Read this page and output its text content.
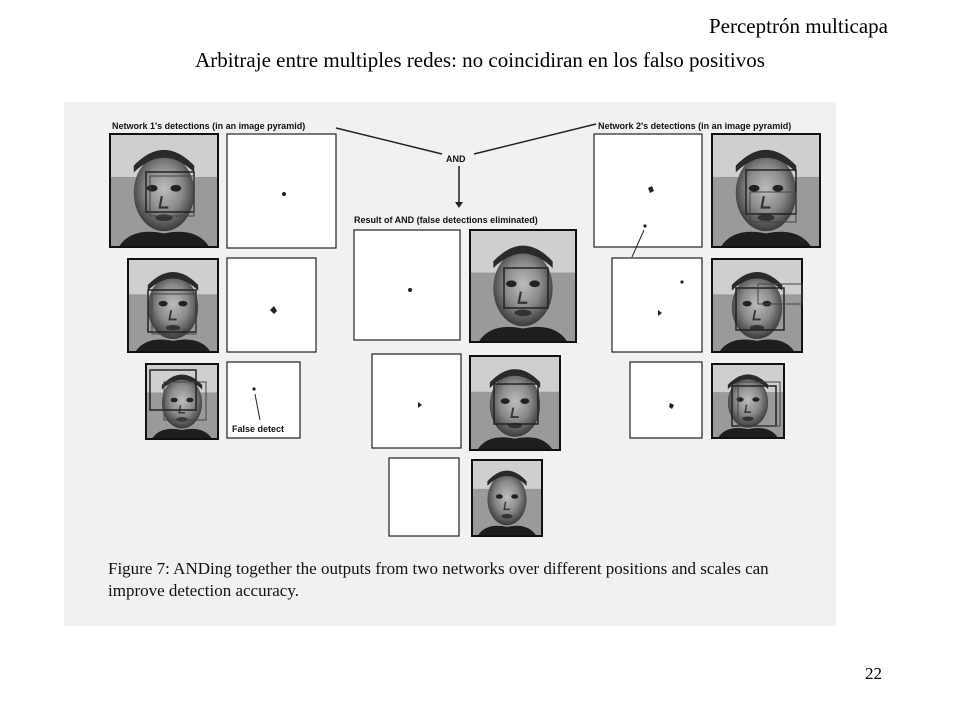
Perceptrón multicapa
Arbitraje entre multiples redes: no coincidiran en los falso positivos
False detect
Network 1's detections (in an image pyramid)	Network 2's detections (in an image pyramid)
AND
Result of AND (false detections eliminated)
Figure 7: ANDing together the outputs from two networks over different positions and scales can improve detection accuracy.
22
